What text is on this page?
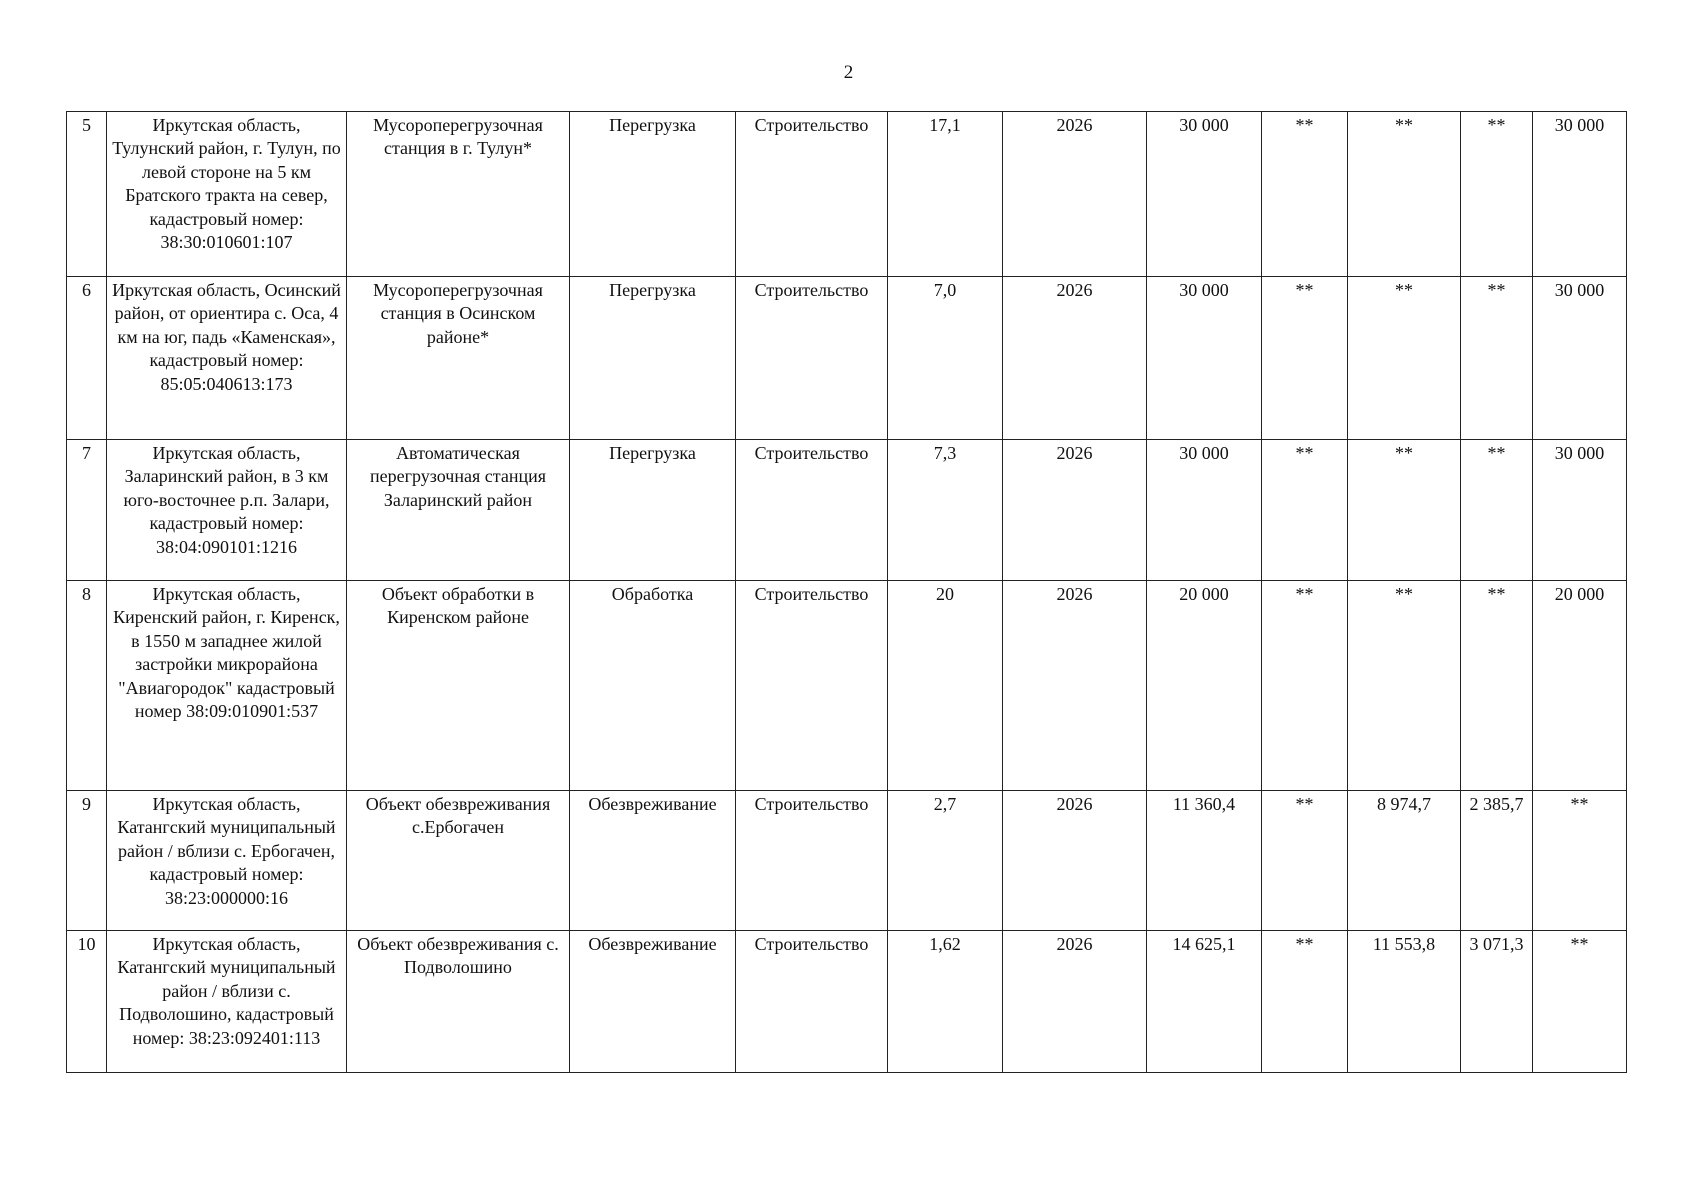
2
5	Иркутская область, Тулунский район, г. Тулун, по левой стороне на 5 км Братского тракта на север, кадастровый номер: 38:30:010601:107	Мусороперегрузочная станция в г. Тулун*	Перегрузка	Строительство	17,1	2026	30 000	**	**	**	30 000
6	Иркутская область, Осинский район, от ориентира с. Оса, 4 км на юг, падь «Каменская», кадастровый номер: 85:05:040613:173	Мусороперегрузочная станция в Осинском районе*	Перегрузка	Строительство	7,0	2026	30 000	**	**	**	30 000
7	Иркутская область, Заларинский район, в 3 км юго-восточнее р.п. Залари, кадастровый номер: 38:04:090101:1216	Автоматическая перегрузочная станция Заларинский район	Перегрузка	Строительство	7,3	2026	30 000	**	**	**	30 000
8	Иркутская область, Киренский район, г. Киренск, в 1550 м западнее жилой застройки микрорайона "Авиагородок" кадастровый номер 38:09:010901:537	Объект обработки в Киренском районе	Обработка	Строительство	20	2026	20 000	**	**	**	20 000
9	Иркутская область, Катангский муниципальный район / вблизи с. Ербогачен, кадастровый номер: 38:23:000000:16	Объект обезвреживания с.Ербогачен	Обезвреживание	Строительство	2,7	2026	11 360,4	**	8 974,7	2 385,7	**
10	Иркутская область, Катангский муниципальный район / вблизи с. Подволошино, кадастровый номер: 38:23:092401:113	Объект обезвреживания с. Подволошино	Обезвреживание	Строительство	1,62	2026	14 625,1	**	11 553,8	3 071,3	**
